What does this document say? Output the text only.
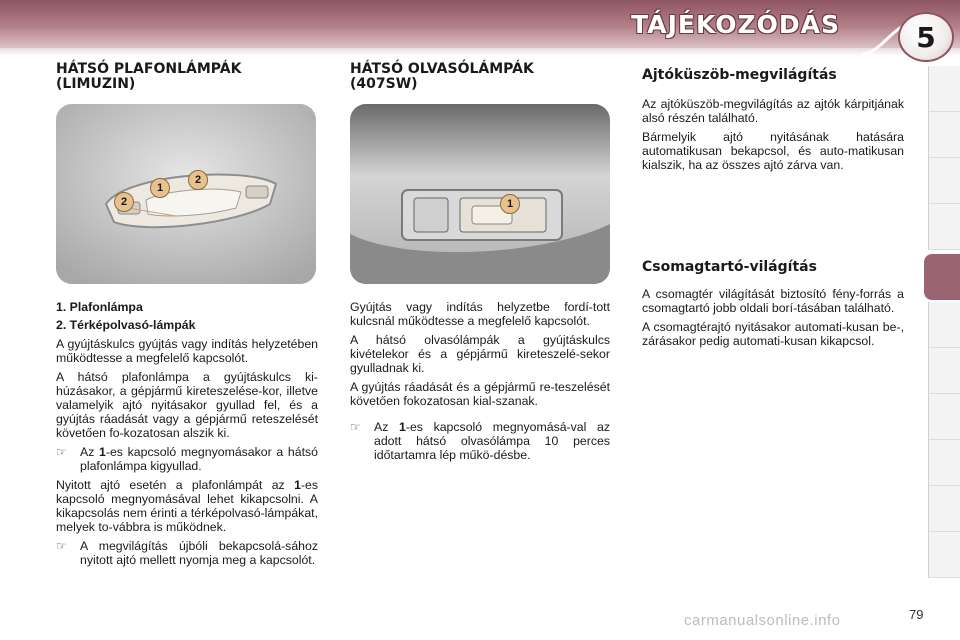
TÁJÉKOZÓDÁS	5
HÁTSÓ PLAFONLÁMPÁK (LIMUZIN)
2
1
2
1. Plafonlámpa
2. Térképolvasó-lámpák

A gyújtáskulcs gyújtás vagy indítás helyzetében működtesse a megfelelő kapcsolót.

A hátsó plafonlámpa a gyújtáskulcs ki-húzásakor, a gépjármű kireteszelése-kor, illetve valamelyik ajtó nyitásakor gyullad fel, és a gyújtás ráadását vagy a gépjármű reteszelését követően fo-kozatosan alszik ki.

☞	Az 1-es kapcsoló megnyomásakor a hátsó plafonlámpa kigyullad.

Nyitott ajtó esetén a plafonlámpát az 1-es kapcsoló megnyomásával lehet kikapcsolni. A kikapcsolás nem érinti a térképolvasó-lámpákat, melyek to-vábbra is működnek.

☞	A megvilágítás újbóli bekapcsolá-sához nyitott ajtó mellett nyomja meg a kapcsolót.
HÁTSÓ OLVASÓLÁMPÁK (407SW)
1

Gyújtás vagy indítás helyzetbe fordí-tott kulcsnál működtesse a megfelelő kapcsolót.

A hátsó olvasólámpák a gyújtáskulcs kivételekor és a gépjármű kireteszelé-sekor gyulladnak ki.

A gyújtás ráadását és a gépjármű re-teszelését követően fokozatosan kial-szanak.

☞	Az 1-es kapcsoló megnyomásá-val az adott hátsó olvasólámpa 10 perces időtartamra lép műkö-désbe.
Ajtóküszöb-megvilágítás

Az ajtóküszöb-megvilágítás az ajtók kárpitjának alsó részén található.

Bármelyik ajtó nyitásának hatására automatikusan bekapcsol, és auto-matikusan kialszik, ha az összes ajtó zárva van.

Csomagtartó-világítás

A csomagtér világítását biztosító fény-forrás a csomagtartó jobb oldali borí-tásában található.

A csomagtérajtó nyitásakor automati-kusan be-, zárásakor pedig automati-kusan kikapcsol.

carmanualsonline.info	79
